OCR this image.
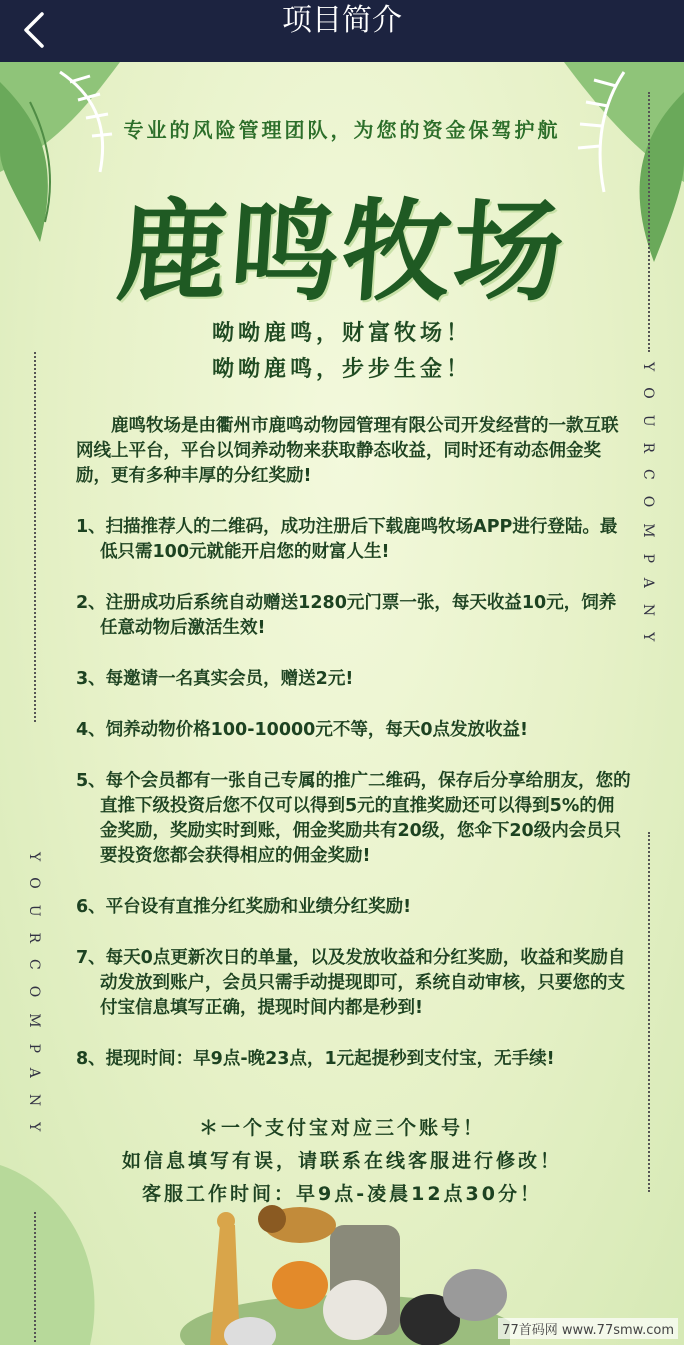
项目简介
YOURCOMPANY
YOURCOMPANY
专业的风险管理团队，为您的资金保驾护航
鹿鸣牧场
呦呦鹿鸣，财富牧场！
呦呦鹿鸣，步步生金！

鹿鸣牧场是由衢州市鹿鸣动物园管理有限公司开发经营的一款互联网线上平台，平台以饲养动物来获取静态收益，同时还有动态佣金奖励，更有多种丰厚的分红奖励!

1、扫描推荐人的二维码，成功注册后下载鹿鸣牧场APP进行登陆。最低只需100元就能开启您的财富人生!

2、注册成功后系统自动赠送1280元门票一张，每天收益10元，饲养任意动物后激活生效!

3、每邀请一名真实会员，赠送2元!

4、饲养动物价格100-10000元不等，每天0点发放收益!

5、每个会员都有一张自己专属的推广二维码，保存后分享给朋友，您的直推下级投资后您不仅可以得到5元的直推奖励还可以得到5%的佣金奖励，奖励实时到账，佣金奖励共有20级，您伞下20级内会员只要投资您都会获得相应的佣金奖励!

6、平台设有直推分红奖励和业绩分红奖励!

7、每天0点更新次日的单量，以及发放收益和分红奖励，收益和奖励自动发放到账户，会员只需手动提现即可，系统自动审核，只要您的支付宝信息填写正确，提现时间内都是秒到!

8、提现时间：早9点-晚23点，1元起提秒到支付宝，无手续!

＊一个支付宝对应三个账号！
如信息填写有误，请联系在线客服进行修改！
客服工作时间：早9点-凌晨12点30分！
77首码网 www.77smw.com
